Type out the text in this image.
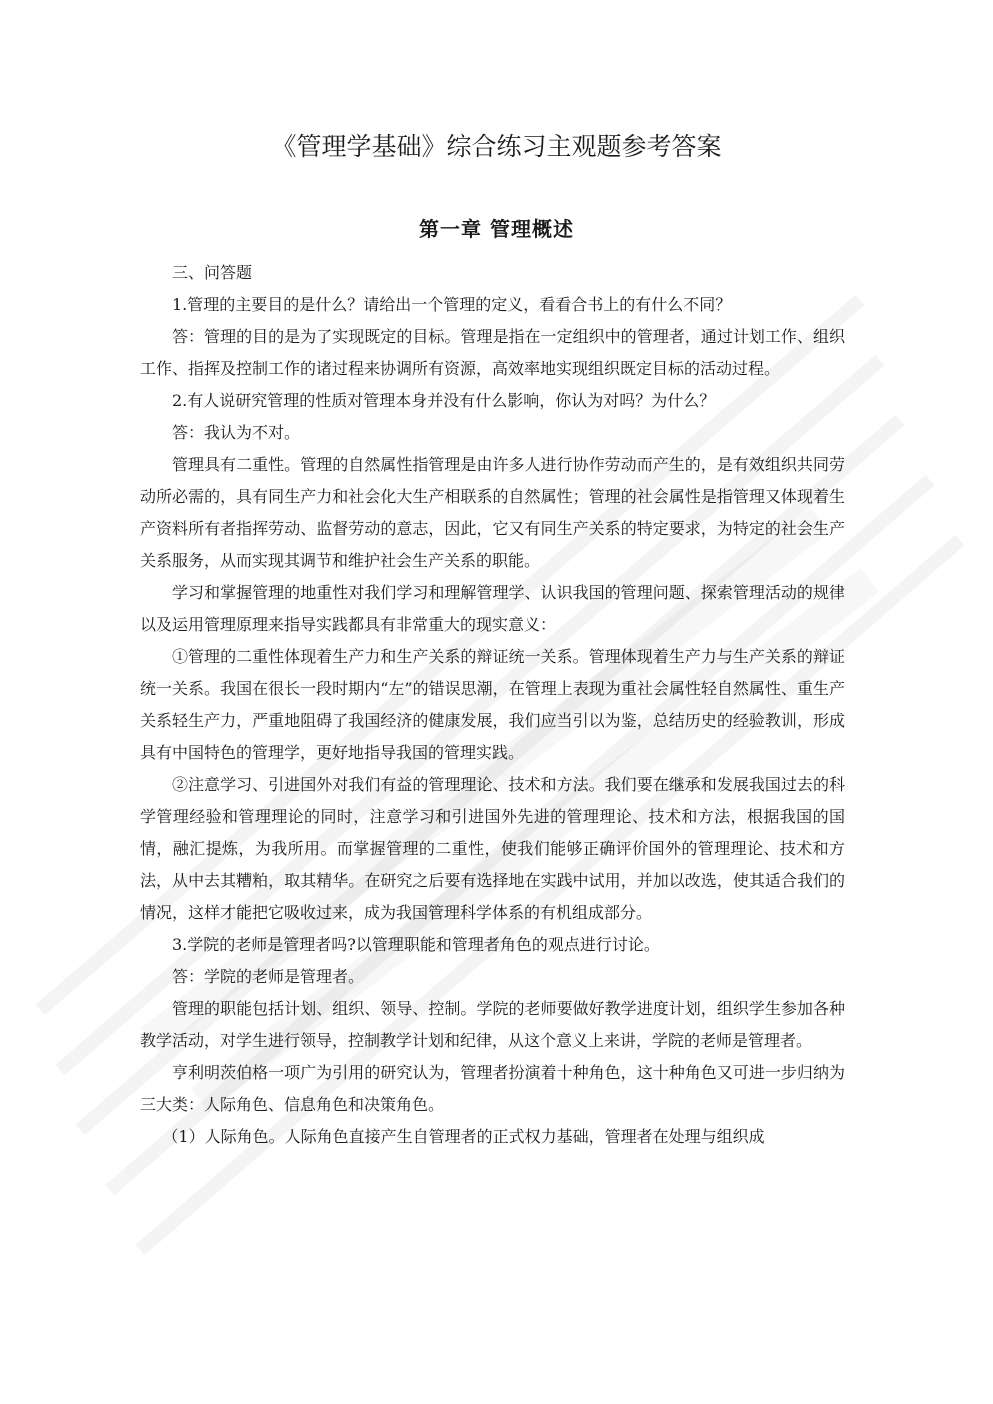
《管理学基础》综合练习主观题参考答案
第一章 管理概述

三、问答题

1.管理的主要目的是什么？请给出一个管理的定义，看看合书上的有什么不同？

答：管理的目的是为了实现既定的目标。管理是指在一定组织中的管理者，通过计划工作、组织工作、指挥及控制工作的诸过程来协调所有资源，高效率地实现组织既定目标的活动过程。

2.有人说研究管理的性质对管理本身并没有什么影响，你认为对吗？为什么？

答：我认为不对。

管理具有二重性。管理的自然属性指管理是由许多人进行协作劳动而产生的，是有效组织共同劳动所必需的，具有同生产力和社会化大生产相联系的自然属性；管理的社会属性是指管理又体现着生产资料所有者指挥劳动、监督劳动的意志，因此，它又有同生产关系的特定要求，为特定的社会生产关系服务，从而实现其调节和维护社会生产关系的职能。

学习和掌握管理的地重性对我们学习和理解管理学、认识我国的管理问题、探索管理活动的规律以及运用管理原理来指导实践都具有非常重大的现实意义：

①管理的二重性体现着生产力和生产关系的辩证统一关系。管理体现着生产力与生产关系的辩证统一关系。我国在很长一段时期内“左”的错误思潮，在管理上表现为重社会属性轻自然属性、重生产关系轻生产力，严重地阻碍了我国经济的健康发展，我们应当引以为鉴，总结历史的经验教训，形成具有中国特色的管理学，更好地指导我国的管理实践。

②注意学习、引进国外对我们有益的管理理论、技术和方法。我们要在继承和发展我国过去的科学管理经验和管理理论的同时，注意学习和引进国外先进的管理理论、技术和方法，根据我国的国情，融汇提炼，为我所用。而掌握管理的二重性，使我们能够正确评价国外的管理理论、技术和方法，从中去其糟粕，取其精华。在研究之后要有选择地在实践中试用，并加以改选，使其适合我们的情况，这样才能把它吸收过来，成为我国管理科学体系的有机组成部分。

3.学院的老师是管理者吗?以管理职能和管理者角色的观点进行讨论。

答：学院的老师是管理者。

管理的职能包括计划、组织、领导、控制。学院的老师要做好教学进度计划，组织学生参加各种教学活动，对学生进行领导，控制教学计划和纪律，从这个意义上来讲，学院的老师是管理者。

亨利明茨伯格一项广为引用的研究认为，管理者扮演着十种角色，这十种角色又可进一步归纳为三大类：人际角色、信息角色和决策角色。

（1）人际角色。人际角色直接产生自管理者的正式权力基础，管理者在处理与组织成
